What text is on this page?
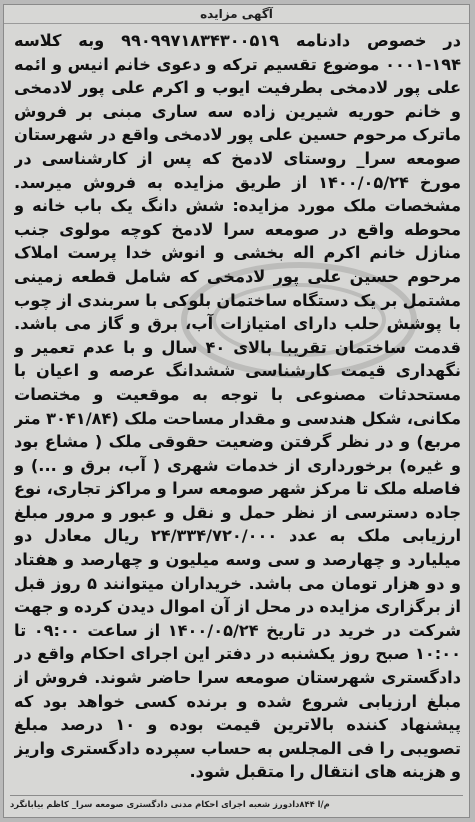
آگهی مزایده
در خصوص دادنامه ۹۹۰۹۹۷۱۸۳۴۳۰۰۵۱۹ وبه کلاسه ۱۹۴-۰۰۰۱ موضوع تقسیم ترکه و دعوی خانم انیس و ائمه علی پور لادمخی بطرفیت ایوب و اکرم علی پور لادمخی و خانم حوریه شیرین زاده سه ساری مبنی بر فروش ماترک مرحوم حسین علی پور لادمخی واقع در شهرستان صومعه سرا_ روستای لادمخ که پس از کارشناسی در مورخ ۱۴۰۰/۰۵/۲۴ از طریق مزایده به فروش میرسد. مشخصات ملک مورد مزایده: شش دانگ یک باب خانه و محوطه واقع در صومعه سرا لادمخ کوچه مولوی جنب منازل خانم اکرم اله بخشی و انوش خدا پرست املاک مرحوم حسین علی پور لادمخی که شامل قطعه زمینی مشتمل بر یک دستگاه ساختمان بلوکی با سربندی از چوب با پوشش حلب دارای امتیازات آب، برق و گاز می باشد. قدمت ساختمان تقریبا بالای ۴۰ سال و با عدم تعمیر و نگهداری قیمت کارشناسی ششدانگ عرصه و اعیان با مستحدثات مصنوعی با توجه به موقعیت و مختصات مکانی، شکل هندسی و مقدار مساحت ملک (۳۰۴۱/۸۴ متر مربع) و در نظر گرفتن وضعیت حقوقی ملک ( مشاع بود و غیره) برخورداری از خدمات شهری ( آب، برق و ...) و فاصله ملک تا مرکز شهر صومعه سرا و مراکز تجاری، نوع جاده دسترسی از نظر حمل و نقل و عبور و مرور مبلغ ارزیابی ملک به عدد ۲۴/۳۳۴/۷۲۰/۰۰۰ ریال معادل دو میلیارد و چهارصد و سی وسه میلیون و چهارصد و هفتاد و دو هزار تومان می باشد. خریداران میتوانند ۵ روز قبل از برگزاری مزایده در محل از آن اموال دیدن کرده و جهت شرکت در خرید در تاریخ ۱۴۰۰/۰۵/۲۴ از ساعت ۰۹:۰۰ تا ۱۰:۰۰ صبح روز یکشنبه در دفتر این اجرای احکام واقع در دادگستری شهرستان صومعه سرا حاضر شوند. فروش از مبلغ ارزیابی شروع شده و برنده کسی خواهد بود که پیشنهاد کننده بالاترین قیمت بوده و ۱۰ درصد مبلغ تصویبی را فی المجلس به حساب سپرده دادگستری واریز و هزینه های انتقال را متقبل شود.
م/ا ۸۴۴دادورز شعبه اجرای احکام مدنی دادگستری صومعه سرا_ کاظم بیابانگرد
